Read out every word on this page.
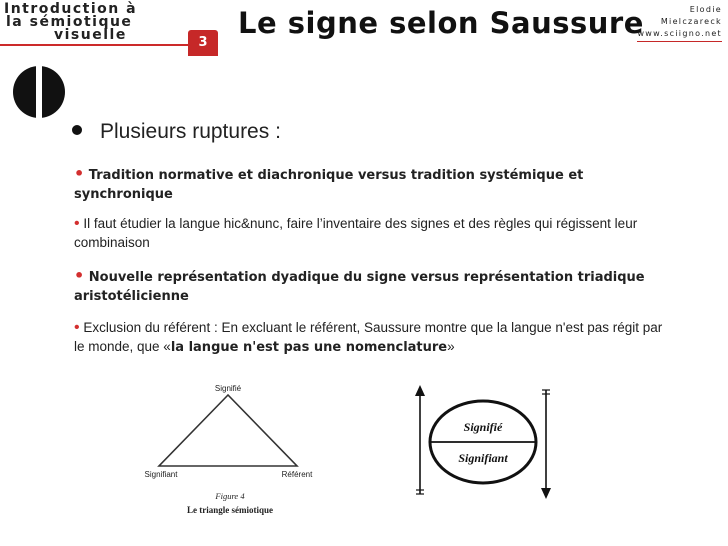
Introduction à
la sémiotique
visuelle	3
Le signe selon Saussure	Elodie
Mielczareck
www.sciigno.net
Plusieurs ruptures :
• Tradition normative et diachronique versus tradition systémique et synchronique
• Il faut étudier la langue hic&nunc, faire l’inventaire des signes et des règles qui régissent leur combinaison
• Nouvelle représentation dyadique du signe versus représentation triadique aristotélicienne
• Exclusion du référent : En excluant le référent, Saussure montre que la langue n'est pas régit par le monde, que «la langue n'est pas une nomenclature»
Signifié
Signifiant	Référent
Figure 4
Le triangle sémiotique
Signifié
Signifiant
